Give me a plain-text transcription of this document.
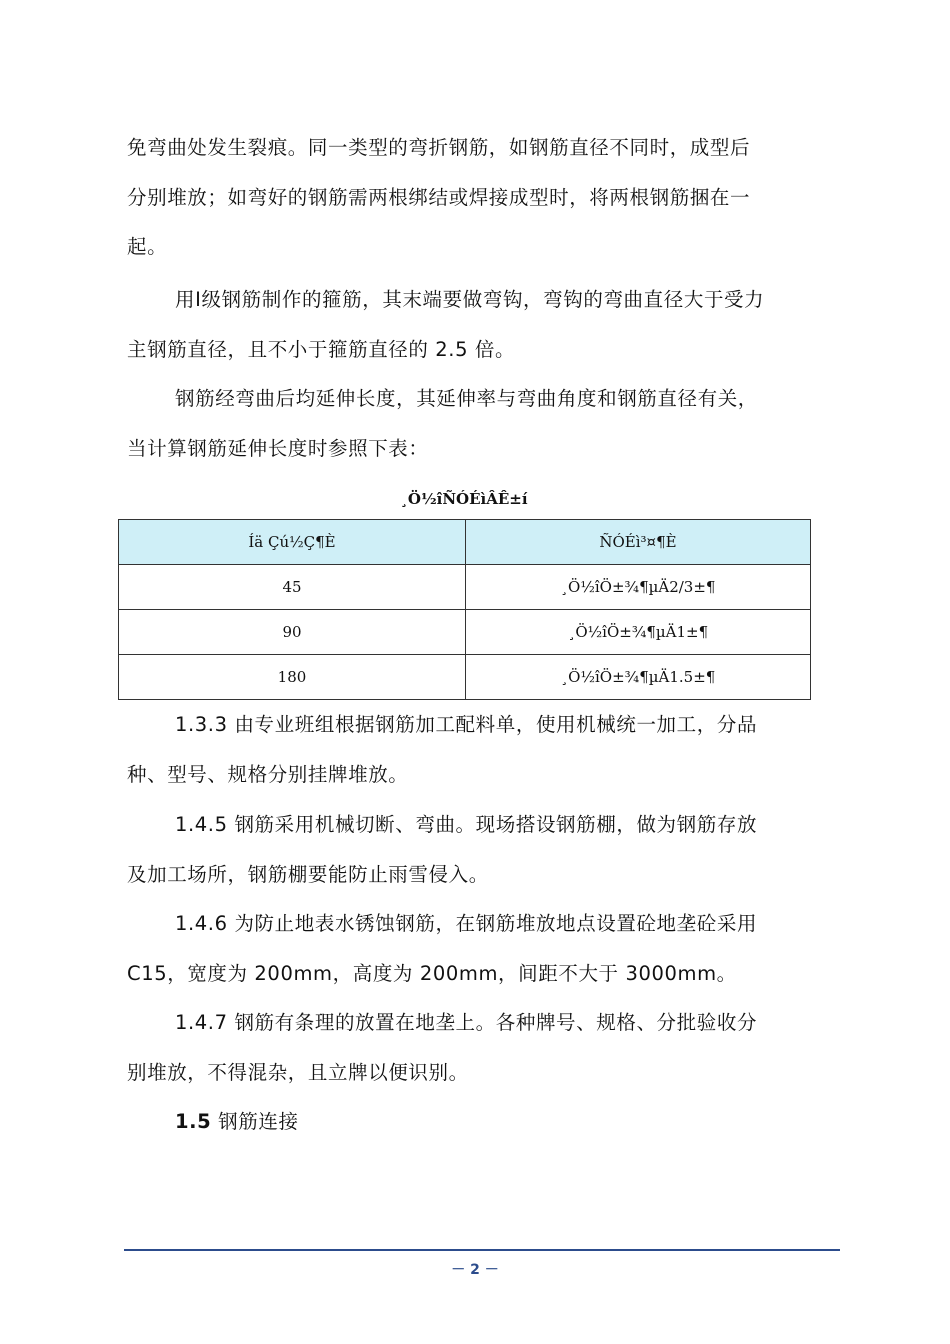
免弯曲处发生裂痕。同一类型的弯折钢筋，如钢筋直径不同时，成型后
分别堆放；如弯好的钢筋需两根绑结或焊接成型时，将两根钢筋捆在一
起。
用Ⅰ级钢筋制作的箍筋，其末端要做弯钩，弯钩的弯曲直径大于受力
主钢筋直径，且不小于箍筋直径的 2.5 倍。
钢筋经弯曲后均延伸长度，其延伸率与弯曲角度和钢筋直径有关，
当计算钢筋延伸长度时参照下表：
¸Ö½îÑÓÉìÂÊ±í
Íä Çú½Ç¶È	ÑÓÉì³¤¶È
45	¸Ö½îÖ±¾¶µÄ2/3±¶
90	¸Ö½îÖ±¾¶µÄ1±¶
180	¸Ö½îÖ±¾¶µÄ1.5±¶
1.3.3 由专业班组根据钢筋加工配料单，使用机械统一加工，分品
种、型号、规格分别挂牌堆放。
1.4.5 钢筋采用机械切断、弯曲。现场搭设钢筋棚，做为钢筋存放
及加工场所，钢筋棚要能防止雨雪侵入。
1.4.6 为防止地表水锈蚀钢筋，在钢筋堆放地点设置砼地垄砼采用
C15，宽度为 200mm，高度为 200mm，间距不大于 3000mm。
1.4.7 钢筋有条理的放置在地垄上。各种牌号、规格、分批验收分
别堆放，不得混杂，且立牌以便识别。
1.5 钢筋连接
－ 2 －
